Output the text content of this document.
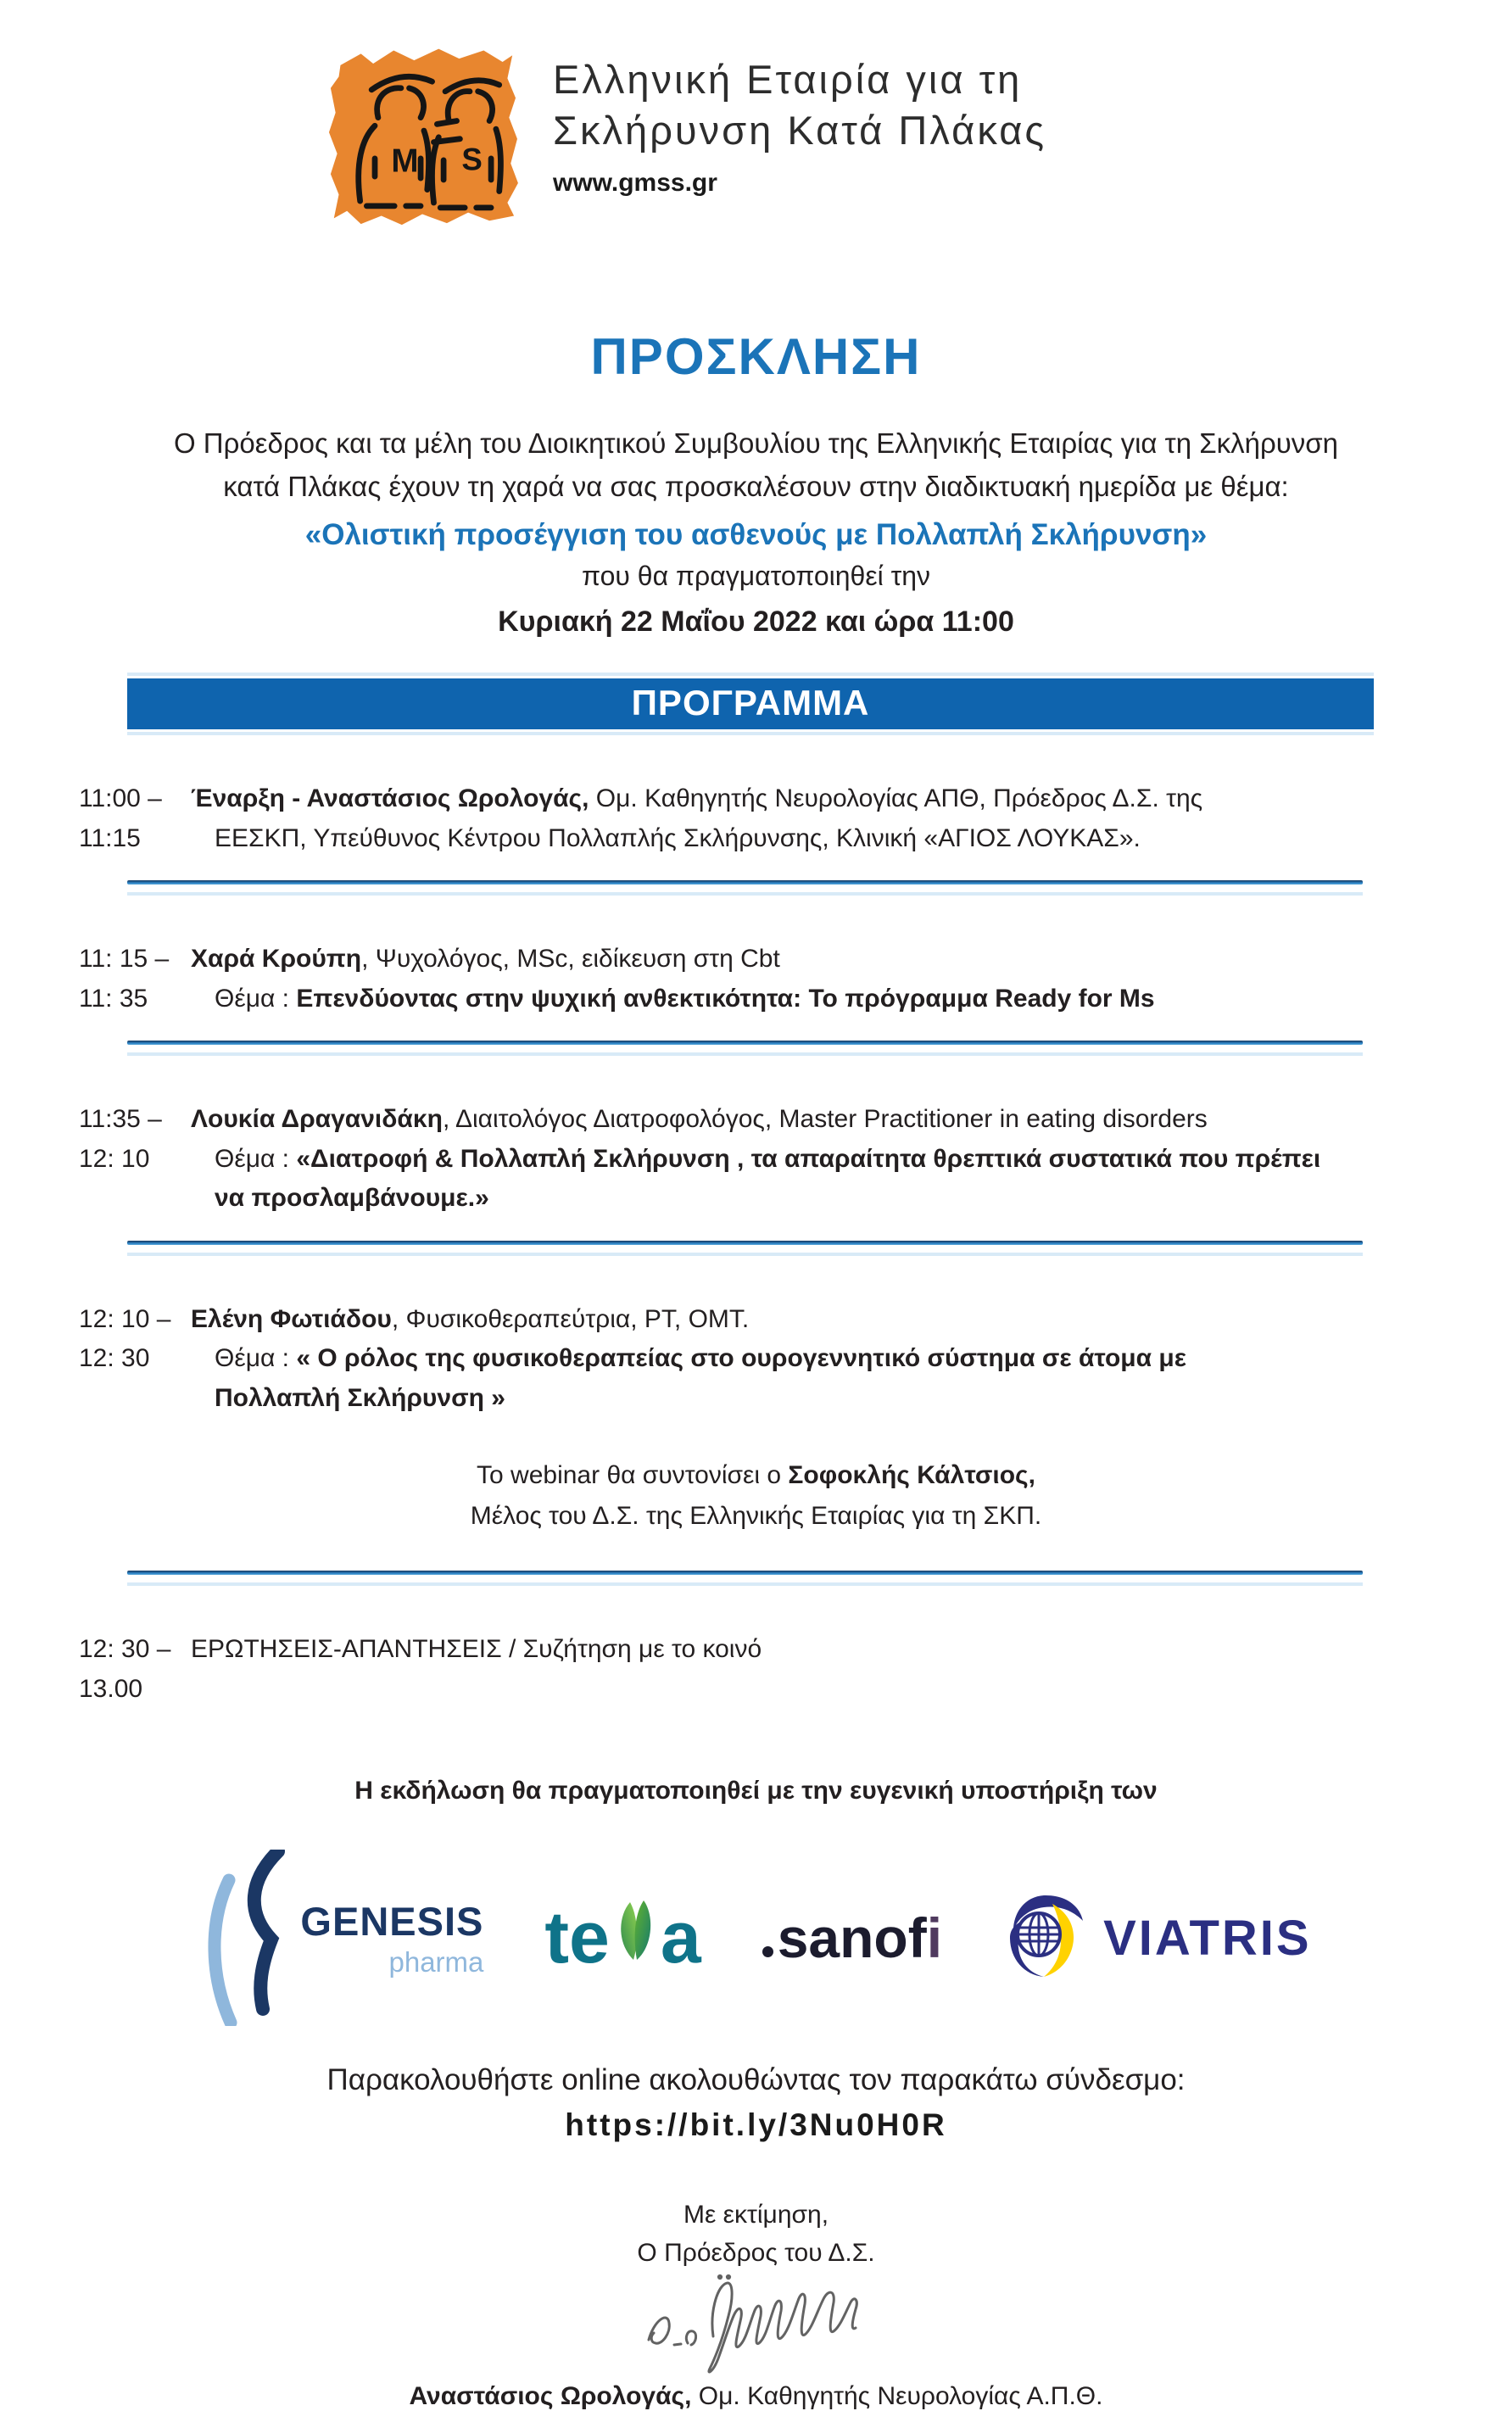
M S
Ελληνική Εταιρία για τη
Σκλήρυνση Κατά Πλάκας
www.gmss.gr
ΠΡΟΣΚΛΗΣΗ
Ο Πρόεδρος και τα μέλη του Διοικητικού Συμβουλίου της Ελληνικής Εταιρίας για τη Σκλήρυνση
κατά Πλάκας έχουν τη χαρά να σας προσκαλέσουν στην διαδικτυακή ημερίδα με θέμα:
«Ολιστική προσέγγιση του ασθενούς με Πολλαπλή Σκλήρυνση»
που θα πραγματοποιηθεί την
Κυριακή 22 Μαΐου 2022 και ώρα 11:00
ΠΡΟΓΡΑΜΜΑ
11:00 – 11:15
Έναρξη - Αναστάσιος Ωρολογάς, Ομ. Καθηγητής Νευρολογίας ΑΠΘ, Πρόεδρος Δ.Σ. της ΕΕΣΚΠ, Υπεύθυνος Κέντρου Πολλαπλής Σκλήρυνσης, Κλινική «ΑΓΙΟΣ ΛΟΥΚΑΣ».
11: 15 – 11: 35
Χαρά Κρούπη, Ψυχολόγος, MSc, ειδίκευση στη Cbt
Θέμα : Επενδύοντας στην ψυχική ανθεκτικότητα: Το πρόγραμμα Ready for Ms
11:35 – 12: 10
Λουκία Δραγανιδάκη, Διαιτολόγος Διατροφολόγος, Master Practitioner in eating disorders
Θέμα : «Διατροφή & Πολλαπλή Σκλήρυνση , τα απαραίτητα θρεπτικά συστατικά που πρέπει να προσλαμβάνουμε.»
12: 10 – 12: 30
Ελένη Φωτιάδου, Φυσικοθεραπεύτρια, PT, OMT.
Θέμα : « Ο ρόλος της φυσικοθεραπείας στο ουρογεννητικό σύστημα σε άτομα με Πολλαπλή Σκλήρυνση »
Το webinar θα συντονίσει ο Σοφοκλής Κάλτσιος,
Μέλος του Δ.Σ. της Ελληνικής Εταιρίας για τη ΣΚΠ.
12: 30 – 13.00
ΕΡΩΤΗΣΕΙΣ-ΑΠΑΝΤΗΣΕΙΣ / Συζήτηση με το κοινό
Η εκδήλωση θα πραγματοποιηθεί με την ευγενική υποστήριξη των
GENESIS
pharma te a sanof i	VIATRIS
Παρακολουθήστε online ακολουθώντας τον παρακάτω σύνδεσμο:
https://bit.ly/3Nu0H0R
Με εκτίμηση,
Ο Πρόεδρος του Δ.Σ.
Αναστάσιος Ωρολογάς, Ομ. Καθηγητής Νευρολογίας Α.Π.Θ.
